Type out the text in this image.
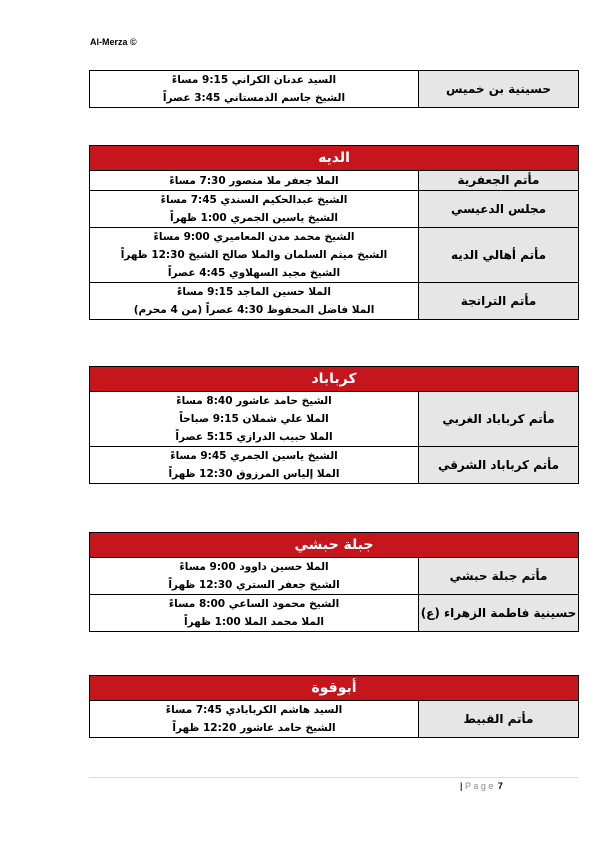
Al-Merza ©
السيد عدنان الكراني 9:15 مساءً
الشيخ جاسم الدمستاني 3:45 عصراً
	حسينية بن خميس
الديه	

الملا جعفر ملا منصور 7:30 مساءً	مأتم الجعفرية

الشيخ عبدالحكيم السندي 7:45 مساءً
الشيخ ياسين الجمري 1:00 ظهراً	مجلس الدعيسي

الشيخ محمد مدن المعاميري 9:00 مساءً
الشيخ ميثم السلمان والملا صالح الشيخ 12:30 ظهراً
الشيخ مجيد السهلاوي 4:45 عصراً	مأتم أهالي الديه

الملا حسين الماجد 9:15 مساءً
الملا فاضل المحفوظ 4:30 عصراً (من 4 محرم)	مأتم التراتجة
كرباباد	

الشيخ حامد عاشور 8:40 مساءً
الملا علي شملان 9:15 صباحاً
الملا حبيب الدرازي 5:15 عصراً	مأتم كرباباد الغربي

الشيخ ياسين الجمري 9:45 مساءً
الملا إلياس المرزوق 12:30 ظهراً	مأتم كرباباد الشرقي
جبلة حبشي	

الملا حسين داوود 9:00 مساءً
الشيخ جعفر الستري 12:30 ظهراً	مأتم جبلة حبشي

الشيخ محمود الساعي 8:00 مساءً
الملا محمد الملا 1:00 ظهراً	حسينية فاطمة الزهراء (ع)
أبوقوة

السيد هاشم الكربابادي 7:45 مساءً
الشيخ حامد عاشور 12:20 ظهراً
	مأتم القبيط
| P a g e 7
